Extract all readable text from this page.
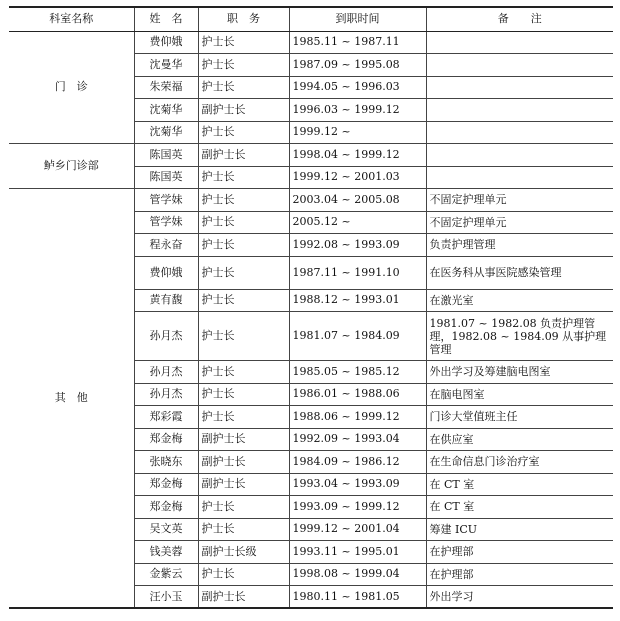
科室名称	姓　名	职　务	到职时间	备　　注
门　诊	费仰娥	护士长	1985.11 ~ 1987.11	
	沈曼华	护士长	1987.09 ~ 1995.08	
	朱荣福	护士长	1994.05 ~ 1996.03	
	沈菊华	副护士长	1996.03 ~ 1999.12	
	沈菊华	护士长	1999.12 ~	
鲈乡门诊部	陈国英	副护士长	1998.04 ~ 1999.12	
	陈国英	护士长	1999.12 ~ 2001.03	
其　他	管学妹	护士长	2003.04 ~ 2005.08	不固定护理单元
	管学妹	护士长	2005.12 ~	不固定护理单元
	程永奋	护士长	1992.08 ~ 1993.09	负责护理管理
	费仰娥	护士长	1987.11 ~ 1991.10	在医务科从事医院感染管理
	黄有馥	护士长	1988.12 ~ 1993.01	在激光室
	孙月杰	护士长	1981.07 ~ 1984.09	1981.07 ~ 1982.08 负责护理管理，1982.08 ~ 1984.09 从事护理管理
	孙月杰	护士长	1985.05 ~ 1985.12	外出学习及筹建脑电图室
	孙月杰	护士长	1986.01 ~ 1988.06	在脑电图室
	郑彩霞	护士长	1988.06 ~ 1999.12	门诊大堂值班主任
	郑金梅	副护士长	1992.09 ~ 1993.04	在供应室
	张晓东	副护士长	1984.09 ~ 1986.12	在生命信息门诊治疗室
	郑金梅	副护士长	1993.04 ~ 1993.09	在 CT 室
	郑金梅	护士长	1993.09 ~ 1999.12	在 CT 室
	吴文英	护士长	1999.12 ~ 2001.04	筹建 ICU
	钱美蓉	副护士长级	1993.11 ~ 1995.01	在护理部
	金紫云	护士长	1998.08 ~ 1999.04	在护理部
	汪小玉	副护士长	1980.11 ~ 1981.05	外出学习
